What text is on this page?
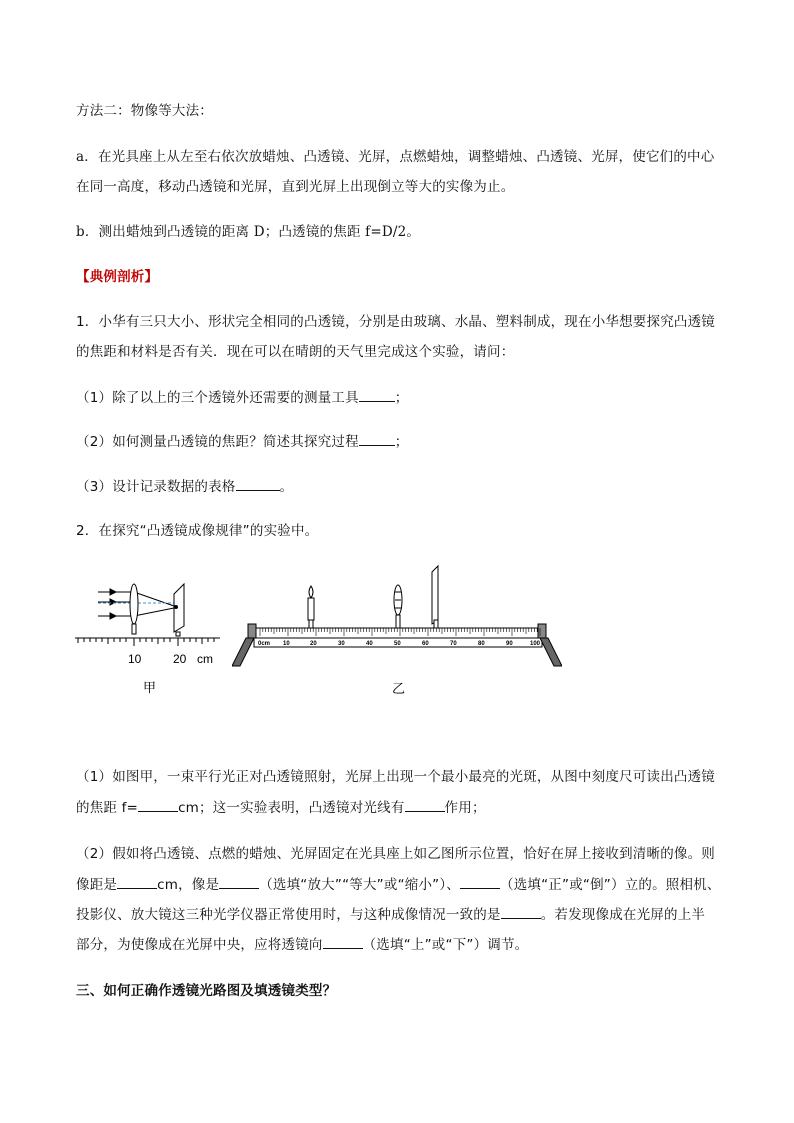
方法二：物像等大法：
a．在光具座上从左至右依次放蜡烛、凸透镜、光屏，点燃蜡烛，调整蜡烛、凸透镜、光屏，使它们的中心
在同一高度，移动凸透镜和光屏，直到光屏上出现倒立等大的实像为止。
b．测出蜡烛到凸透镜的距离 D；凸透镜的焦距 f=D/2。
【典例剖析】
1．小华有三只大小、形状完全相同的凸透镜，分别是由玻璃、水晶、塑料制成，现在小华想要探究凸透镜
的焦距和材料是否有关．现在可以在晴朗的天气里完成这个实验，请问：
（1）除了以上的三个透镜外还需要的测量工具	；
（2）如何测量凸透镜的焦距？简述其探究过程	；
（3）设计记录数据的表格	。
2．在探究“凸透镜成像规律”的实验中。
10	20 cm
甲
0cm 10	20	30	40	50	60	70	80	90	100
乙
（1）如图甲，一束平行光正对凸透镜照射，光屏上出现一个最小最亮的光斑，从图中刻度尺可读出凸透镜
的焦距 f=	cm；这一实验表明，凸透镜对光线有	作用；
（2）假如将凸透镜、点燃的蜡烛、光屏固定在光具座上如乙图所示位置，恰好在屏上接收到清晰的像。则
像距是	cm，像是	（选填“放大”“等大”或“缩小”）、	（选填“正”或“倒”）立的。照相机、
投影仪、放大镜这三种光学仪器正常使用时，与这种成像情况一致的是	。若发现像成在光屏的上半
部分，为使像成在光屏中央，应将透镜向	（选填“上”或“下”）调节。
三、如何正确作透镜光路图及填透镜类型？
